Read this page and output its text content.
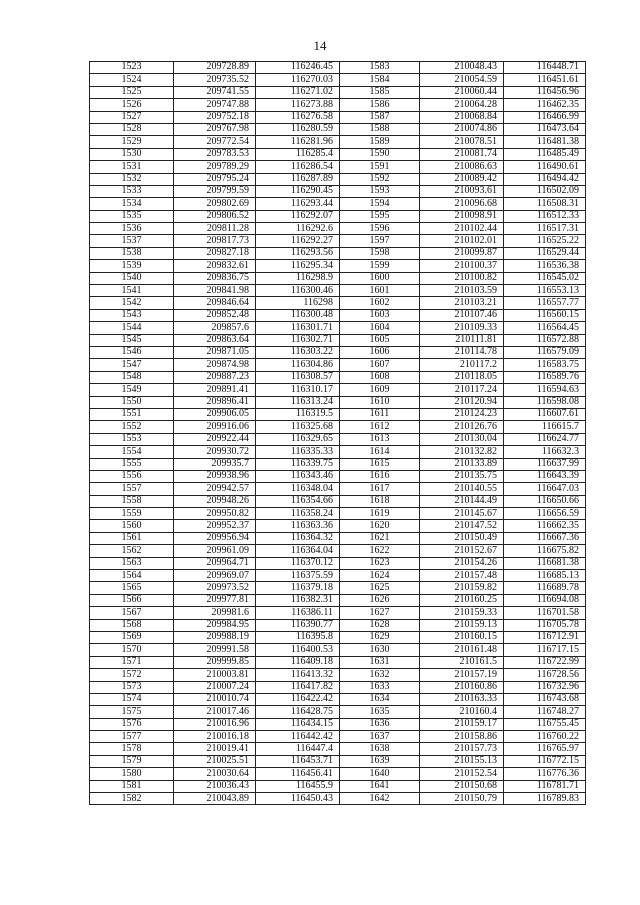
14
1523	209728.89	116246.45	1583	210048.43	116448.71
1524	209735.52	116270.03	1584	210054.59	116451.61
1525	209741.55	116271.02	1585	210060.44	116456.96
1526	209747.88	116273.88	1586	210064.28	116462.35
1527	209752.18	116276.58	1587	210068.84	116466.99
1528	209767.98	116280.59	1588	210074.86	116473.64
1529	209772.54	116281.96	1589	210078.51	116481.38
1530	209783.53	116285.4	1590	210081.74	116485.49
1531	209789.29	116286.54	1591	210086.63	116490.61
1532	209795.24	116287.89	1592	210089.42	116494.42
1533	209799.59	116290.45	1593	210093.61	116502.09
1534	209802.69	116293.44	1594	210096.68	116508.31
1535	209806.52	116292.07	1595	210098.91	116512.33
1536	209811.28	116292.6	1596	210102.44	116517.31
1537	209817.73	116292.27	1597	210102.01	116525.22
1538	209827.18	116293.56	1598	210099.87	116529.44
1539	209832.61	116295.34	1599	210100.37	116536.38
1540	209836.75	116298.9	1600	210100.82	116545.02
1541	209841.98	116300.46	1601	210103.59	116553.13
1542	209846.64	116298	1602	210103.21	116557.77
1543	209852.48	116300.48	1603	210107.46	116560.15
1544	209857.6	116301.71	1604	210109.33	116564.45
1545	209863.64	116302.71	1605	210111.81	116572.88
1546	209871.05	116303.22	1606	210114.78	116579.09
1547	209874.98	116304.86	1607	210117.2	116583.75
1548	209887.23	116308.57	1608	210118.05	116589.76
1549	209891.41	116310.17	1609	210117.24	116594.63
1550	209896.41	116313.24	1610	210120.94	116598.08
1551	209906.05	116319.5	1611	210124.23	116607.61
1552	209916.06	116325.68	1612	210126.76	116615.7
1553	209922.44	116329.65	1613	210130.04	116624.77
1554	209930.72	116335.33	1614	210132.82	116632.3
1555	209935.7	116339.75	1615	210133.89	116637.99
1556	209938.96	116343.46	1616	210135.75	116643.39
1557	209942.57	116348.04	1617	210140.55	116647.03
1558	209948.26	116354.66	1618	210144.49	116650.66
1559	209950.82	116358.24	1619	210145.67	116656.59
1560	209952.37	116363.36	1620	210147.52	116662.35
1561	209956.94	116364.32	1621	210150.49	116667.36
1562	209961.09	116364.04	1622	210152.67	116675.82
1563	209964.71	116370.12	1623	210154.26	116681.38
1564	209969.07	116375.59	1624	210157.48	116685.13
1565	209973.52	116379.18	1625	210159.82	116689.78
1566	209977.81	116382.31	1626	210160.25	116694.08
1567	209981.6	116386.11	1627	210159.33	116701.58
1568	209984.95	116390.77	1628	210159.13	116705.78
1569	209988.19	116395.8	1629	210160.15	116712.91
1570	209991.58	116400.53	1630	210161.48	116717.15
1571	209999.85	116409.18	1631	210161.5	116722.99
1572	210003.81	116413.32	1632	210157.19	116728.56
1573	210007.24	116417.82	1633	210160.86	116732.96
1574	210010.74	116422.42	1634	210163.33	116743.68
1575	210017.46	116428.75	1635	210160.4	116748.27
1576	210016.96	116434.15	1636	210159.17	116755.45
1577	210016.18	116442.42	1637	210158.86	116760.22
1578	210019.41	116447.4	1638	210157.73	116765.97
1579	210025.51	116453.71	1639	210155.13	116772.15
1580	210030.64	116456.41	1640	210152.54	116776.36
1581	210036.43	116455.9	1641	210150.68	116781.71
1582	210043.89	116450.43	1642	210150.79	116789.83
